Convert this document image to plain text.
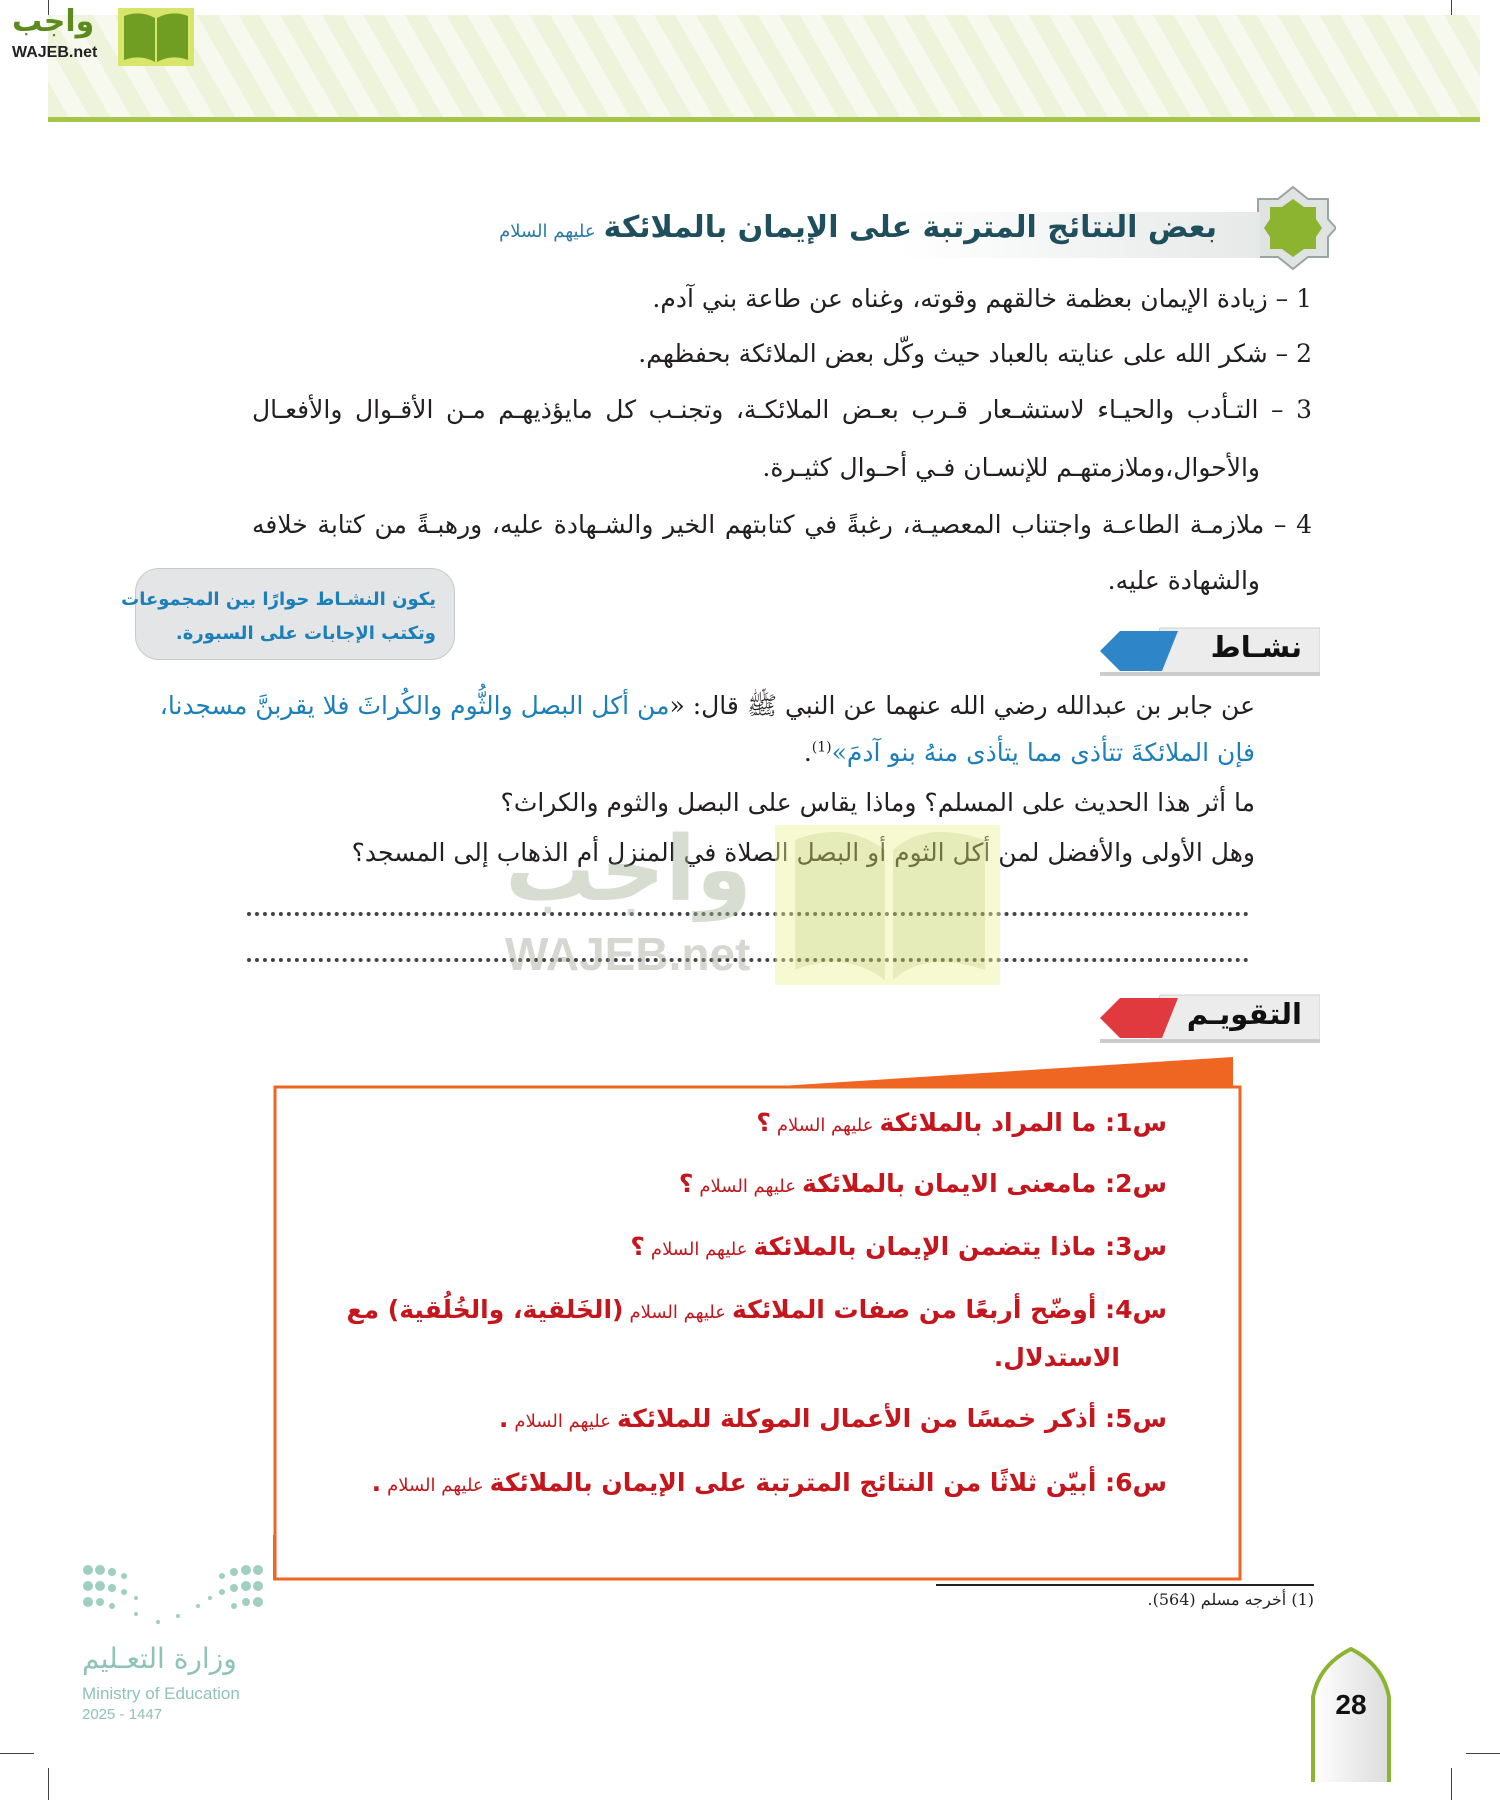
واجب
WAJEB.net
بعض النتائج المترتبة على الإيمان بالملائكةعليهم السلام
1 – زيادة الإيمان بعظمة خالقهم وقوته، وغناه عن طاعة بني آدم.
2 – شكر الله على عنايته بالعباد حيث وكّل بعض الملائكة بحفظهم.
3 – التـأدب والحيـاء لاستشـعار قـرب بعـض الملائكـة، وتجنـب كل مايؤذيهـم مـن الأقـوال والأفعـال
والأحوال،وملازمتهـم للإنسـان فـي أحـوال كثيـرة.
4 – ملازمـة الطاعـة واجتناب المعصيـة، رغبةً في كتابتهم الخير والشـهادة عليه، ورهبـةً من كتابة خلافه
والشهادة عليه.
يكون النشـاط حوارًا بين المجموعات
وتكتب الإجابات على السبورة.	نشـاط
عن جابر بن عبدالله رضي الله عنهما عن النبي ﷺ قال: «من أكل البصل والثُّوم والكُراثَ فلا يقربنَّ مسجدنا،
فإن الملائكةَ تتأذى مما يتأذى منهُ بنو آدمَ»$^{(1)}$.
ما أثر هذا الحديث على المسلم؟ وماذا يقاس على البصل والثوم والكراث؟
وهل الأولى والأفضل لمن أكل الثوم أو البصل الصلاة في المنزل أم الذهاب إلى المسجد؟
واجب
WAJEB.net
التقويـم
س1: ما المراد بالملائكةعليهم السلام؟
س2: مامعنى الايمان بالملائكةعليهم السلام؟
س3: ماذا يتضمن الإيمان بالملائكةعليهم السلام؟
س4: أوضّح أربعًا من صفات الملائكةعليهم السلام(الخَلقية، والخُلُقية) مع
الاستدلال.
س5: أذكر خمسًا من الأعمال الموكلة للملائكةعليهم السلام.
س6: أبيّن ثلاثًا من النتائج المترتبة على الإيمان بالملائكةعليهم السلام.
(1) أخرجه مسلم (564).
وزارة التعـليم
Ministry of Education
2025 - 1447	28
